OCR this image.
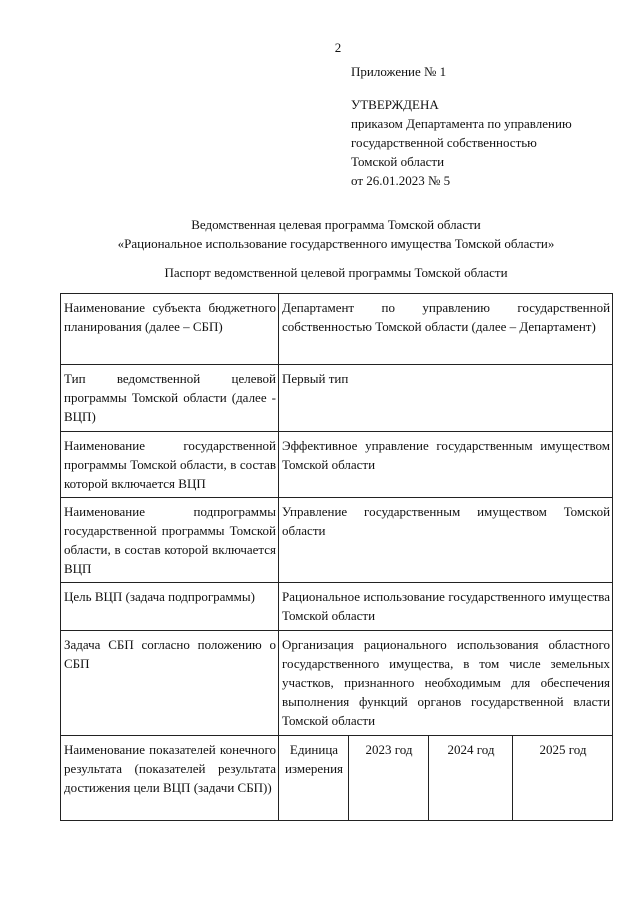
2
Приложение № 1
УТВЕРЖДЕНА
приказом Департамента по управлению
государственной собственностью
Томской области
от 26.01.2023 № 5
Ведомственная целевая программа Томской области
«Рациональное использование государственного имущества Томской области»
Паспорт ведомственной целевой программы Томской области
Наименование субъекта бюджетного планирования (далее – СБП)	Департамент по управлению государственной собственностью Томской области (далее – Департамент)			
Тип ведомственной целевой программы Томской области (далее - ВЦП)	Первый тип			
Наименование государственной программы Томской области, в состав которой включается ВЦП	Эффективное управление государственным имуществом Томской области			
Наименование подпрограммы государственной программы Томской области, в состав которой включается ВЦП	Управление государственным имуществом Томской области			
Цель ВЦП (задача подпрограммы)	Рациональное использование государственного имущества Томской области			
Задача СБП согласно положению о СБП	Организация рационального использования областного государственного имущества, в том числе земельных участков, признанного необходимым для обеспечения выполнения функций органов государственной власти Томской области			
Наименование показателей конечного результата (показателей результата достижения цели ВЦП (задачи СБП))	Единица измерения	2023 год	2024 год	2025 год
